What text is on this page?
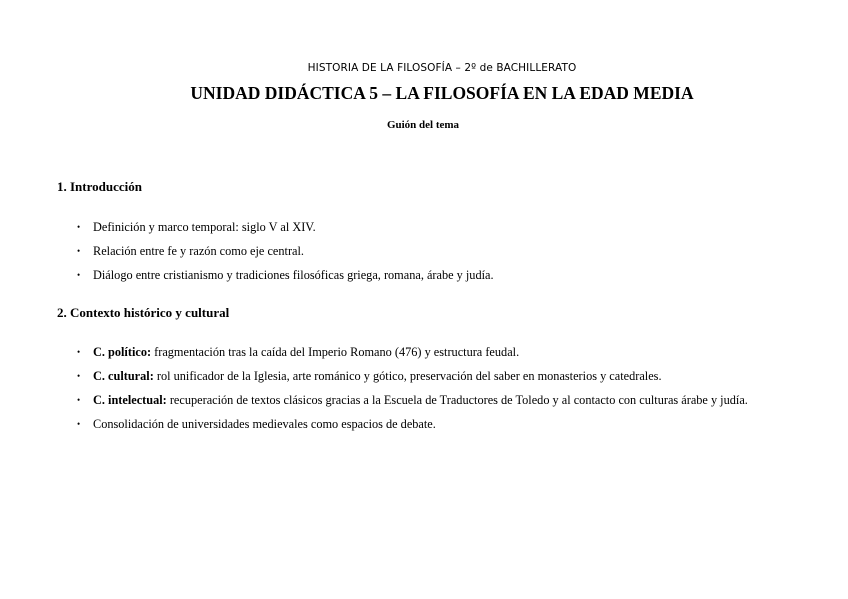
HISTORIA DE LA FILOSOFÍA – 2º de BACHILLERATO
UNIDAD DIDÁCTICA 5 – LA FILOSOFÍA EN LA EDAD MEDIA
Guión del tema
1. Introducción
• Definición y marco temporal: siglo V al XIV.
• Relación entre fe y razón como eje central.
• Diálogo entre cristianismo y tradiciones filosóficas griega, romana, árabe y judía.
2. Contexto histórico y cultural
• C. político: fragmentación tras la caída del Imperio Romano (476) y estructura feudal.
• C. cultural: rol unificador de la Iglesia, arte románico y gótico, preservación del saber en monasterios y catedrales.
• C. intelectual: recuperación de textos clásicos gracias a la Escuela de Traductores de Toledo y al contacto con culturas árabe y judía.
• Consolidación de universidades medievales como espacios de debate.
